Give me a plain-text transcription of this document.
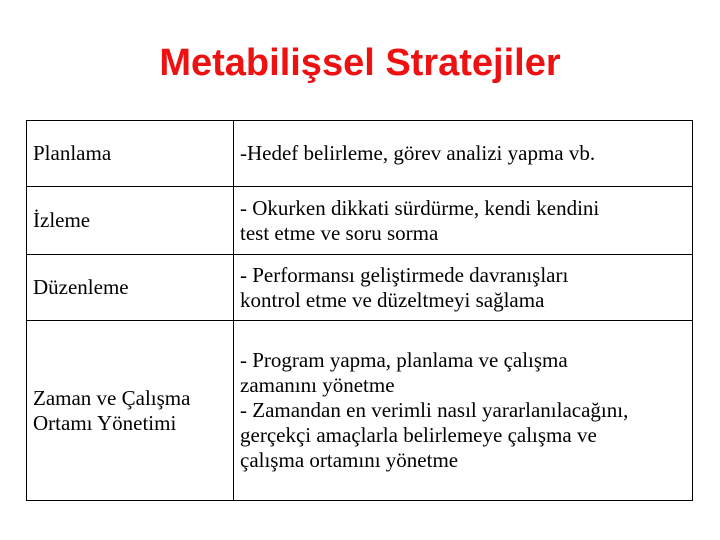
Metabilişsel Stratejiler
Planlama	-Hedef belirleme, görev analizi yapma vb.

İzleme	- Okurken dikkati sürdürme, kendi kendini
test etme ve soru sorma

Düzenleme	- Performansı geliştirmede davranışları
kontrol etme ve düzeltmeyi sağlama

Zaman ve Çalışma
Ortamı Yönetimi	- Program yapma, planlama ve çalışma
zamanını yönetme
- Zamandan en verimli nasıl yararlanılacağını,
gerçekçi amaçlarla belirlemeye çalışma ve
çalışma ortamını yönetme
